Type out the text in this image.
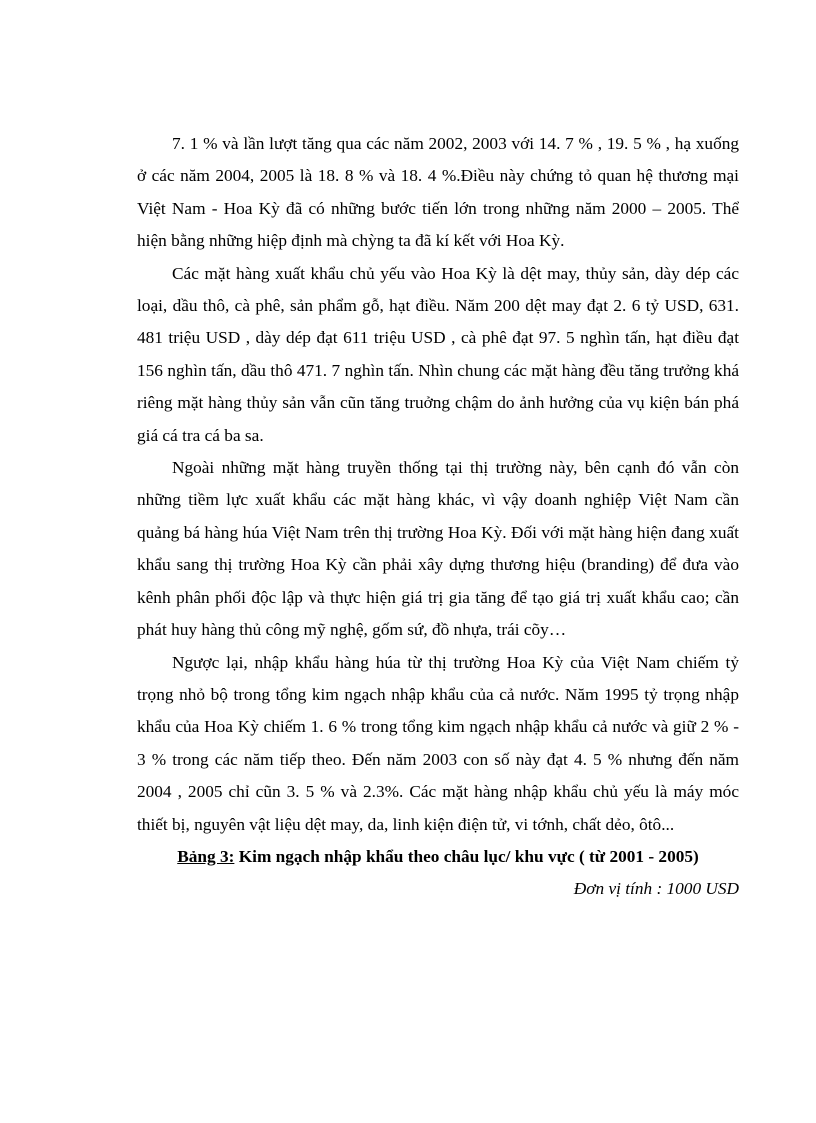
7. 1 % và lần lượt tăng qua các năm 2002, 2003 với 14. 7 % , 19. 5 % , hạ xuống ở các năm 2004, 2005 là 18. 8 % và 18. 4 %.Điều này chứng tỏ quan hệ thương mại Việt Nam - Hoa Kỳ đã có những bước tiến lớn trong những năm 2000 – 2005. Thể hiện bằng những hiệp định mà chỳng ta đã kí kết với Hoa Kỳ.

Các mặt hàng xuất khẩu chủ yếu vào Hoa Kỳ là dệt may, thủy sản, dày dép các loại, dầu thô, cà phê, sản phẩm gỗ, hạt điều. Năm 200 dệt may đạt 2. 6 tỷ USD, 631. 481 triệu USD , dày dép đạt 611 triệu USD , cà phê đạt 97. 5 nghìn tấn, hạt điều đạt 156 nghìn tấn, dầu thô 471. 7 nghìn tấn. Nhìn chung các mặt hàng đều tăng trưởng khá riêng mặt hàng thủy sản vẫn cũn tăng truởng chậm do ảnh hưởng của vụ kiện bán phá giá cá tra cá ba sa.

Ngoài những mặt hàng truyền thống tại thị trường này, bên cạnh đó vẫn còn những tiềm lực xuất khẩu các mặt hàng khác, vì vậy doanh nghiệp Việt Nam cần quảng bá hàng húa Việt Nam trên thị trường Hoa Kỳ. Đối với mặt hàng hiện đang xuất khẩu sang thị trường Hoa Kỳ cần phải xây dựng thương hiệu (branding) để đưa vào kênh phân phối độc lập và thực hiện giá trị gia tăng để tạo giá trị xuất khẩu cao; cần phát huy hàng thủ công mỹ nghệ, gốm sứ, đồ nhựa, trái cõy…

Ngược lại, nhập khẩu hàng húa từ thị trường Hoa Kỳ của Việt Nam chiếm tỷ trọng nhỏ bộ trong tổng kim ngạch nhập khẩu của cả nước. Năm 1995 tỷ trọng nhập khẩu của Hoa Kỳ chiếm 1. 6 % trong tổng kim ngạch nhập khẩu cả nước và giữ 2 % - 3 % trong các năm tiếp theo. Đến năm 2003 con số này đạt 4. 5 % nhưng đến năm 2004 , 2005 chỉ cũn 3. 5 % và 2.3%. Các mặt hàng nhập khẩu chủ yếu là máy móc thiết bị, nguyên vật liệu dệt may, da, linh kiện điện tử, vi tớnh, chất dẻo, ôtô...

Bảng 3: Kim ngạch nhập khẩu theo châu lục/ khu vực ( từ 2001 - 2005)

Đơn vị tính : 1000 USD
